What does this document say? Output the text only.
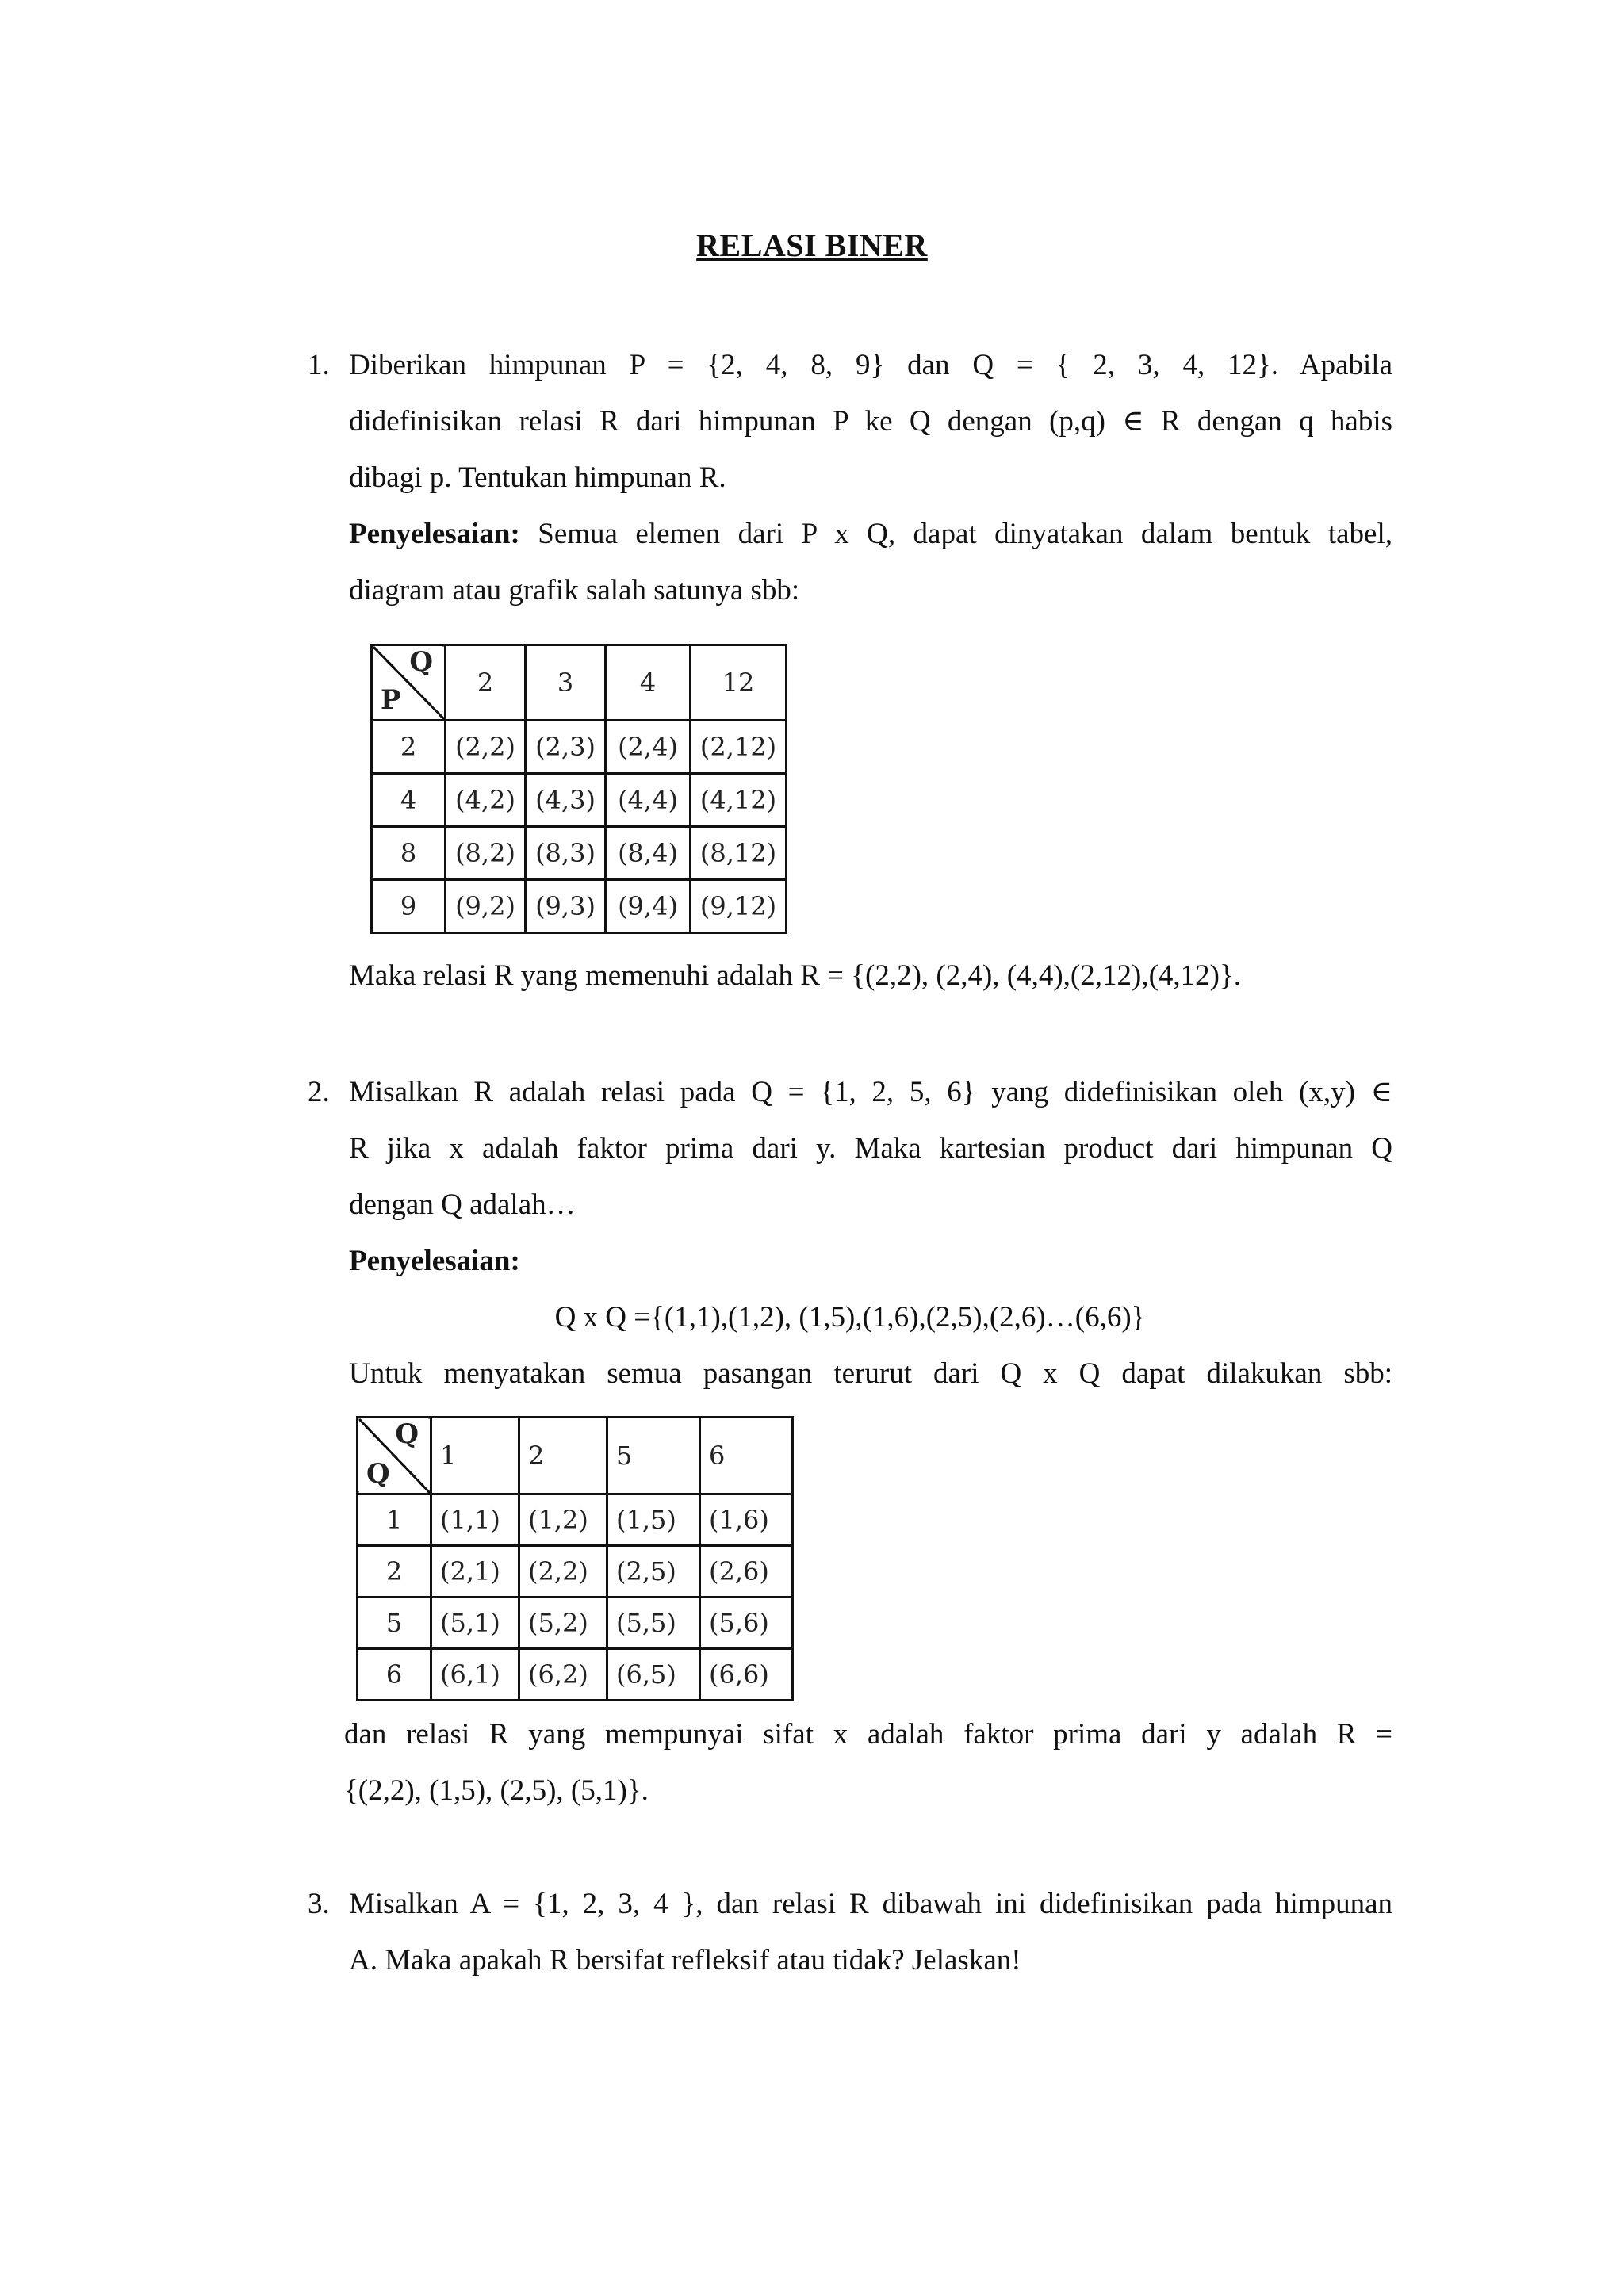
RELASI BINER
1. Diberikan himpunan P = {2, 4, 8, 9} dan Q = { 2, 3, 4, 12}. Apabila
didefinisikan relasi R dari himpunan P ke Q dengan (p,q) ∈ R dengan q habis
dibagi p. Tentukan himpunan R.
Penyelesaian: Semua elemen dari P x Q, dapat dinyatakan dalam bentuk tabel,
diagram atau grafik salah satunya sbb:
Q
P	2	3	4	12
2	(2,2)	(2,3)	(2,4)	(2,12)
4	(4,2)	(4,3)	(4,4)	(4,12)
8	(8,2)	(8,3)	(8,4)	(8,12)
9	(9,2)	(9,3)	(9,4)	(9,12)
Maka relasi R yang memenuhi adalah R = {(2,2), (2,4), (4,4),(2,12),(4,12)}.
2. Misalkan R adalah relasi pada Q = {1, 2, 5, 6} yang didefinisikan oleh (x,y) ∈
R jika x adalah faktor prima dari y. Maka kartesian product dari himpunan Q
dengan Q adalah…
Penyelesaian:
Q x Q ={(1,1),(1,2), (1,5),(1,6),(2,5),(2,6)…(6,6)}
Untuk menyatakan semua pasangan terurut dari Q x Q dapat dilakukan sbb:
Q
Q	1	2	5	6
1	(1,1)	(1,2)	(1,5)	(1,6)
2	(2,1)	(2,2)	(2,5)	(2,6)
5	(5,1)	(5,2)	(5,5)	(5,6)
6	(6,1)	(6,2)	(6,5)	(6,6)
dan relasi R yang mempunyai sifat x adalah faktor prima dari y adalah R =
{(2,2), (1,5), (2,5), (5,1)}.
3. Misalkan A = {1, 2, 3, 4 }, dan relasi R dibawah ini didefinisikan pada himpunan
A. Maka apakah R bersifat refleksif atau tidak? Jelaskan!
